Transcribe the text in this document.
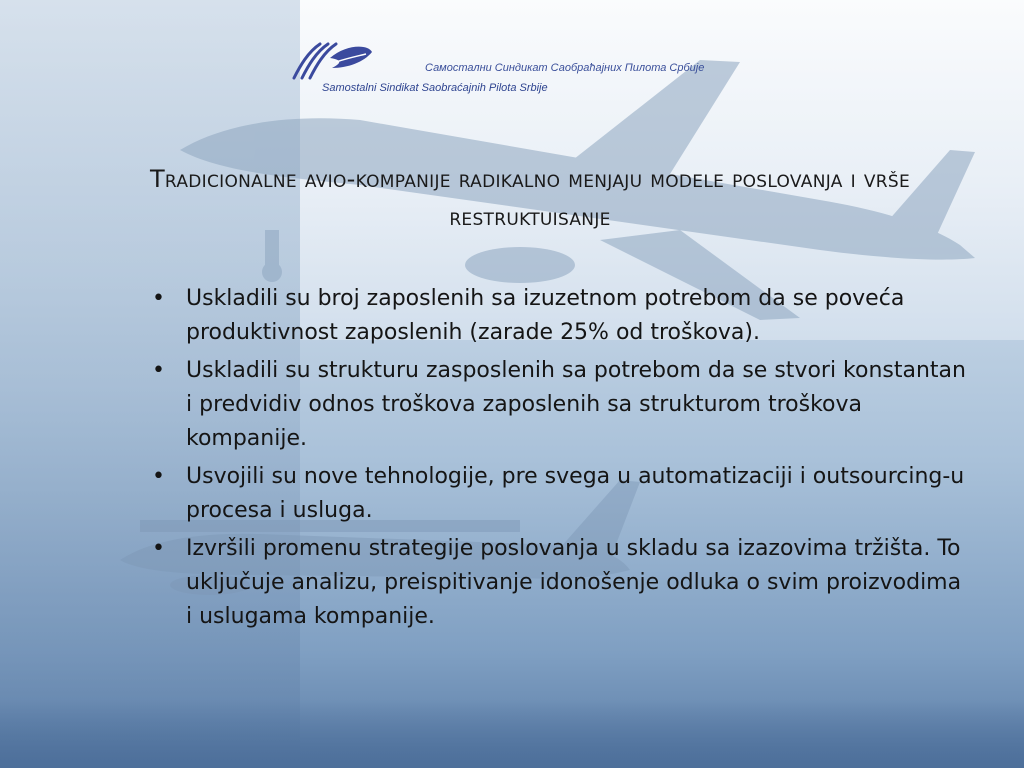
Самостални Синдикат Саобраћајних Пилота Србије
Samostalni Sindikat Saobraćajnih Pilota Srbije
Tradicionalne avio-kompanije radikalno menjaju modele poslovanja i vrše restruktuisanje
• Uskladili su broj zaposlenih sa izuzetnom potrebom da se poveća produktivnost zaposlenih (zarade 25% od troškova).
• Uskladili su strukturu zasposlenih sa potrebom da se stvori konstantan i predvidiv odnos troškova zaposlenih sa strukturom troškova kompanije.
• Usvojili su nove tehnologije, pre svega u automatizaciji i outsourcing-u procesa i usluga.
• Izvršili promenu strategije poslovanja u skladu sa izazovima tržišta. To uključuje analizu, preispitivanje idonošenje odluka o svim proizvodima i uslugama kompanije.
